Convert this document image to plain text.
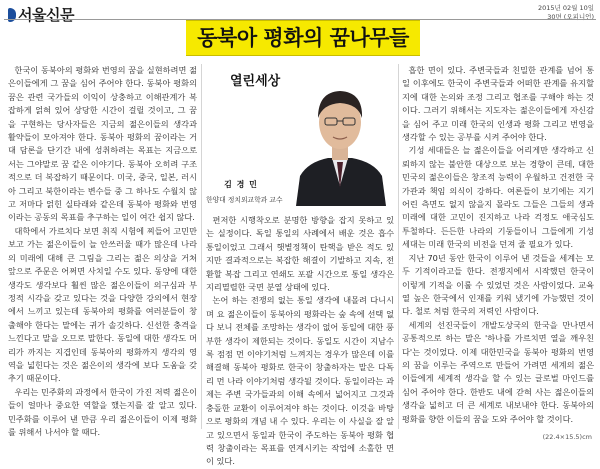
서울신문	2015년 02월 10일
30면 (오피니언)
동북아 평화의 꿈나무들

한국이 동북아의 평화와 번영의 꿈을 실현하려면 젊은이들에게 그 꿈을 심어 주어야 한다. 동북아 평화의 꿈은 관련 국가들의 이익이 상충하고 이해관계가 복잡하게 얽혀 있어 상당한 시간이 걸릴 것이고, 그 꿈을 구현하는 당사자들은 지금의 젊은이들의 생각과 활약들이 모아져야 한다. 동북아 평화의 꿈이라는 거대 담론을 단기간 내에 성취하려는 목표는 지금으로서는 그야말로 꿈 같은 이야기다. 동북아 오히려 구조적으로 더 복잡하기 때문이다. 미국, 중국, 일본, 러시아 그리고 북한이라는 변수들 중 그 하나도 수월치 않고 저마다 얽힌 실타래와 같은데 동북아 평화와 번영이라는 공동의 목표를 추구하는 일이 여간 쉽지 않다.

대학에서 가르치다 보면 취직 시험에 찌들어 고민만 보고 가는 젊은이들이 늘 안쓰러울 때가 많은데 나라의 미래에 대해 큰 그림을 그리는 젊은 의상을 거쳐 앞으로 주문은 어쩌면 사치일 수도 있다. 동양에 대한 생각도 생각보다 훨씬 많은 젊은이들이 의구심과 부정적 시각을 갖고 있다는 것을 다양한 강의에서 현장에서 느끼고 있는데 동북아의 평화를 여러분들이 창출해야 한다는 말에는 귀가 솔깃하다. 신선한 충격을 느낀다고 말을 오므로 말한다. 동일에 대한 생각도 머리가 까지는 지겹인데 동북아의 평화까지 생각의 영역을 넓힌다는 것은 젊은이의 생각에 보다 도움을 갖추기 때문이다.

우리는 민주화의 과정에서 한국이 가진 저력 젊은이들이 얼마나 중요한 역할을 했는지를 잘 알고 있다. 민주화를 이루어 낸 만큼 우리 젊은이들이 이제 평화를 위해서 나서야 할 때다.

열린세상
김 경 민
한양대 정치외교학과 교수

편저한 시행착오로 분명한 방향을 잡지 못하고 있는 실정이다. 독일 통일의 사례에서 배운 것은 흡수 통일이었고 그래서 햇볕정책이 탄핵을 받은 적도 있지만 결과적으로는 복잡한 해결이 기발하고 지속, 전환할 복잡 그리고 연쇄도 포괄 시간으로 통일 생각은 지리멸렬한 국면 분열 상태에 있다.

논어 하는 전쟁의 없는 통일 생각에 내몰려 다니시며 요 젊은이들이 동북아의 평화라는 숲 속에 선택 없다 보니 전체를 조망하는 생각이 없어 동일에 대한 풍부한 생각이 제한되는 것이다. 동일도 시간이 지남수록 점점 먼 이야기처럼 느껴지는 경우가 많은데 이를 해결해 동북아 평화로 한국이 창출하자는 말은 다독리 먼 나라 이야기처럼 생각될 것이다. 동일이라는 과제는 주변 국가들과의 이해 속에서 넓어지고 그것과 충돌한 교환이 이루어져야 하는 것이다. 이것을 바탕으로 평화의 개념 내 수 있다. 우리는 이 사실을 잘 알고 있으면서 동일과 한국이 주도하는 동북아 평화 협력 창출이라는 목표를 연계시키는 작업에 소홀한 면이 있다.

흡한 면이 있다. 주변국들과 친밀한 관계를 넘어 통일 이후에도 한국이 주변국들과 어떠한 관계를 유지할지에 대한 논의와 조정 그리고 협조를 구해야 하는 것이다. 그러기 위해서는 지도자는 젊은이들에게 자신감을 심어 주고 미래 한국의 인생과 평화 그리고 번영을 생각할 수 있는 공부를 시켜 주어야 한다.

기성 세대들은 늘 젊은이들을 어리게만 생각하고 신뢰하지 않는 불안한 대상으로 보는 경향이 큰데, 대한민국의 젊은이들은 창조적 능력이 우월하고 건전한 국가관과 책임 의식이 강하다. 여론들이 보기에는 지기 어린 측면도 없지 않을지 몰라도 그들은 그들의 생과 미래에 대한 고민이 진지하고 나라 걱정도 애국심도 투철하다. 든든한 나라의 기둥들이니 그들에게 기성 세대는 미래 한국의 비전을 던져 줄 필요가 있다.

지난 70년 동안 한국이 이루어 낸 것들을 세계는 모두 기적이라고들 한다. 전쟁지에서 시작했던 한국이 이렇게 기적을 이룰 수 있었던 것은 사람이었다. 교육열 높은 한국에서 인재를 키워 냈기에 가능했던 것이다. 철로 처럼 한국의 저력인 사람이다.

세계의 선진국들이 개발도상국의 한국을 만나면서 공통적으로 하는 말은 '하나를 가르치면 열을 깨우친다'는 것이었다. 이제 대한민국을 동북아 평화의 번영의 꿈을 이루는 주역으로 만들어 가려면 세계의 젊은이들에게 세계적 생각을 할 수 있는 글로벌 마인드를 심어 주어야 한다. 한반도 내에 갇혀 사는 젊은이들의 생각을 넓히고 더 큰 세계로 내보내야 한다. 동북아의 평화를 향한 이들의 꿈을 도와 주어야 할 것이다.

(22.4×15.5)cm
